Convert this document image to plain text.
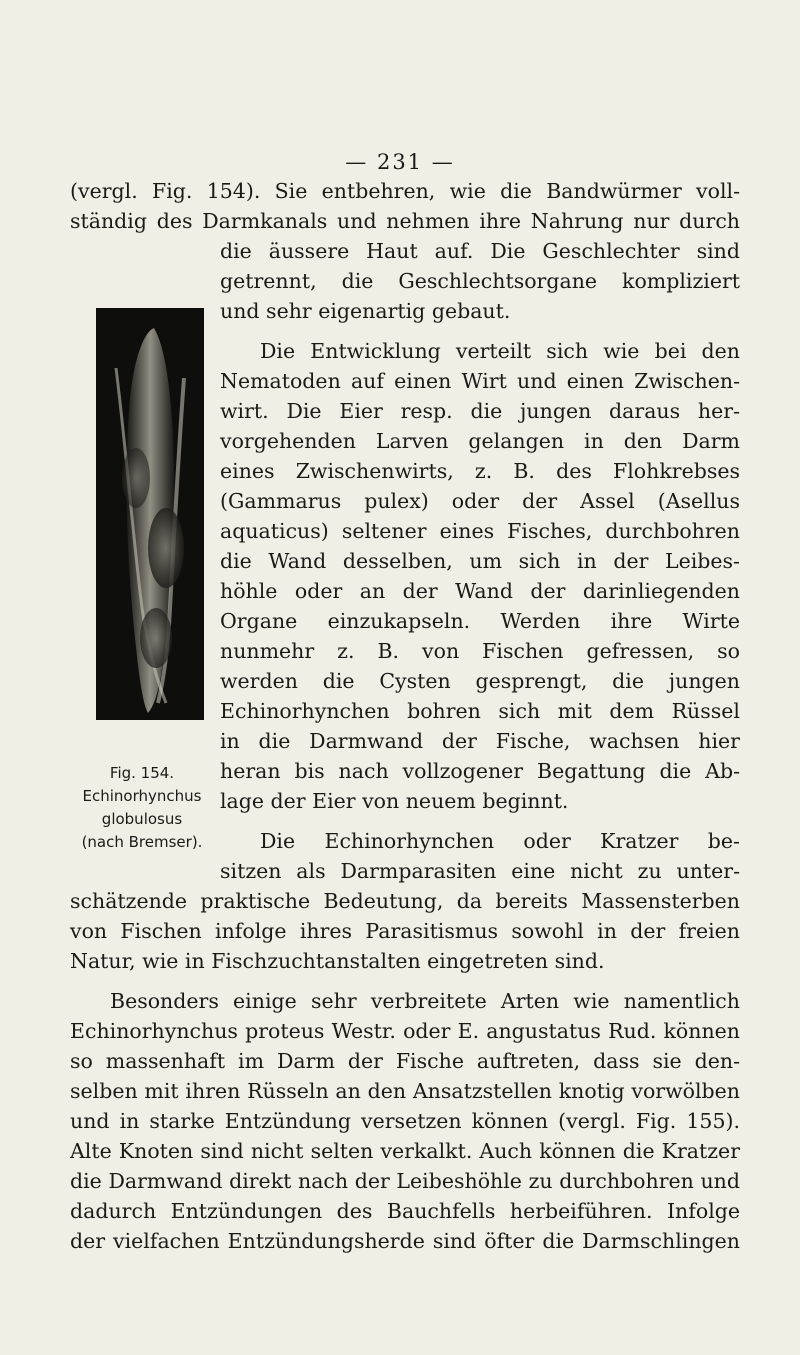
— 231 —
(vergl. Fig. 154). Sie entbehren, wie die Bandwürmer voll-
ständig des Darmkanals und nehmen ihre Nahrung nur durch
die äussere Haut auf. Die Geschlechter sind
getrennt, die Geschlechtsorgane kompliziert
und sehr eigenartig gebaut.
Die Entwicklung verteilt sich wie bei den
Nematoden auf einen Wirt und einen Zwischen-
wirt. Die Eier resp. die jungen daraus her-
vorgehenden Larven gelangen in den Darm
eines Zwischenwirts, z. B. des Flohkrebses
(Gammarus pulex) oder der Assel (Asellus
aquaticus) seltener eines Fisches, durchbohren
die Wand desselben, um sich in der Leibes-
höhle oder an der Wand der darinliegenden
Organe einzukapseln. Werden ihre Wirte
nunmehr z. B. von Fischen gefressen, so
werden die Cysten gesprengt, die jungen
Echinorhynchen bohren sich mit dem Rüssel
in die Darmwand der Fische, wachsen hier
heran bis nach vollzogener Begattung die Ab-
lage der Eier von neuem beginnt.
Die Echinorhynchen oder Kratzer be-
sitzen als Darmparasiten eine nicht zu unter-
schätzende praktische Bedeutung, da bereits Massensterben
von Fischen infolge ihres Parasitismus sowohl in der freien
Natur, wie in Fischzuchtanstalten eingetreten sind.
Besonders einige sehr verbreitete Arten wie namentlich
Echinorhynchus proteus Westr. oder E. angustatus Rud. können
so massenhaft im Darm der Fische auftreten, dass sie den-
selben mit ihren Rüsseln an den Ansatzstellen knotig vorwölben
und in starke Entzündung versetzen können (vergl. Fig. 155).
Alte Knoten sind nicht selten verkalkt. Auch können die Kratzer
die Darmwand direkt nach der Leibeshöhle zu durchbohren und
dadurch Entzündungen des Bauchfells herbeiführen. Infolge
der vielfachen Entzündungsherde sind öfter die Darmschlingen
Fig. 154.
Echinorhynchus
globulosus
(nach Bremser).
